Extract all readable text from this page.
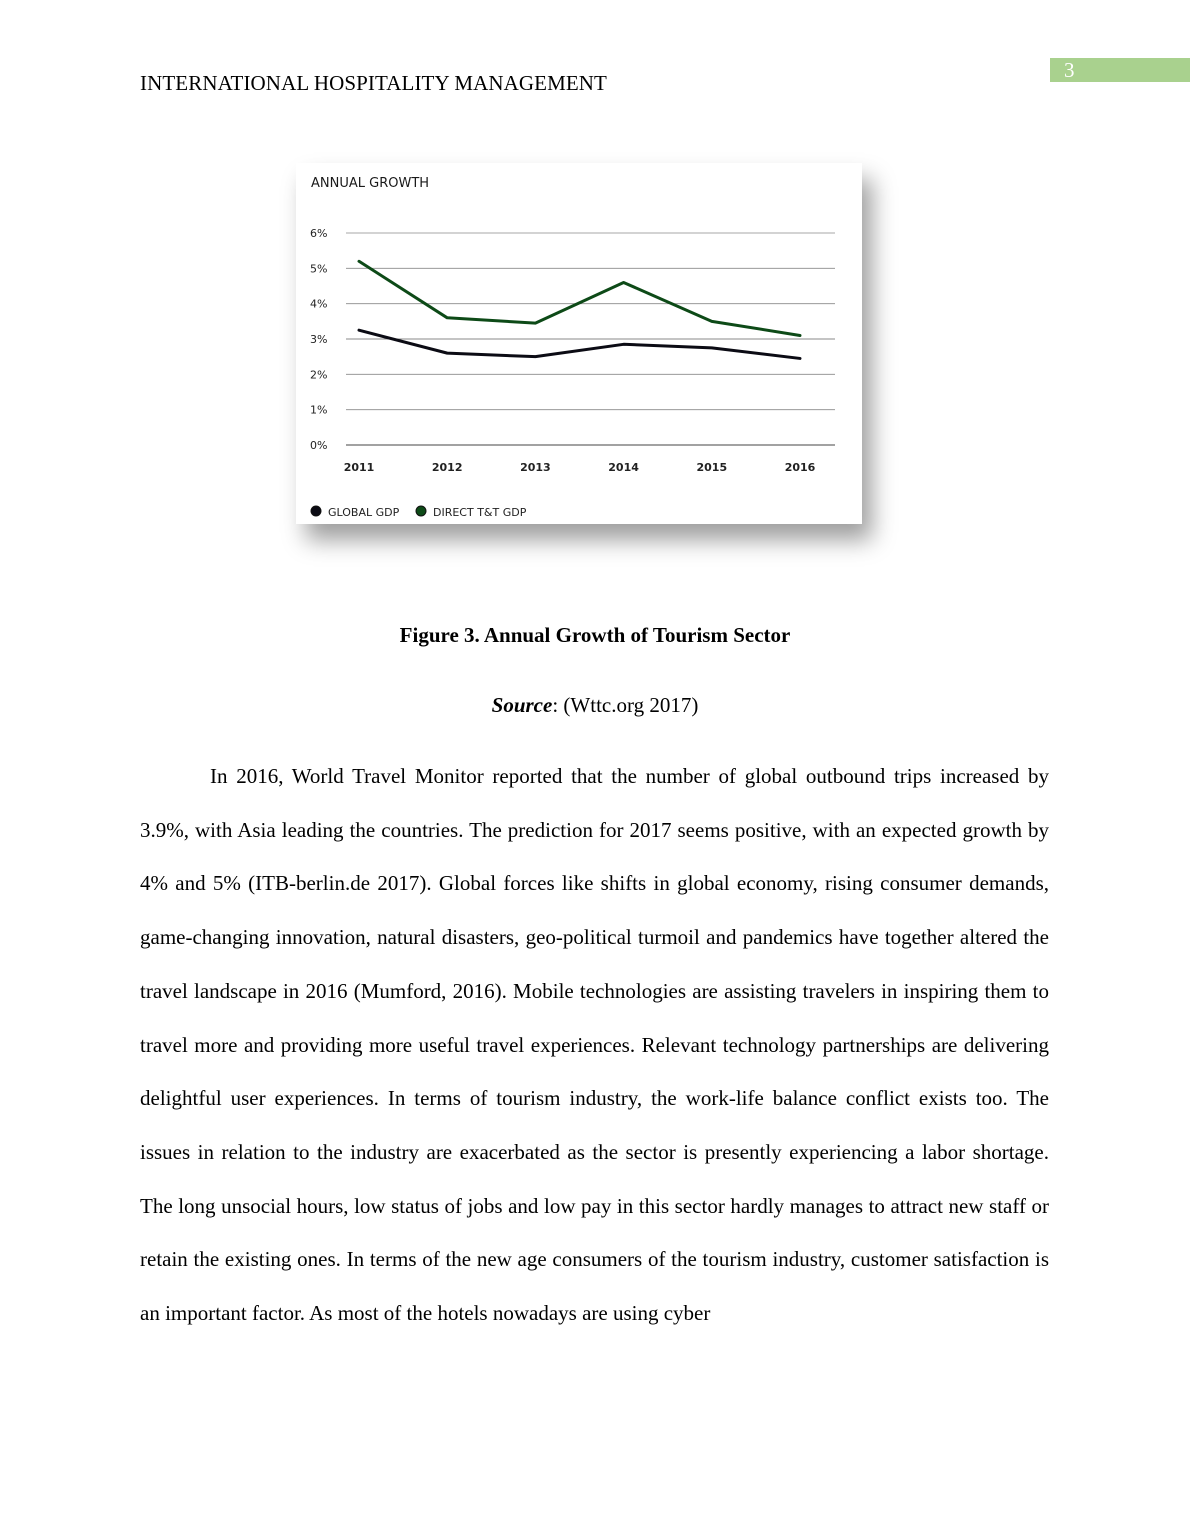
3
INTERNATIONAL HOSPITALITY MANAGEMENT
ANNUAL GROWTH
0%
1%
2%
3%
4%
5%
6%
2011	2012	2013	2014	2015	2016
GLOBAL GDP	DIRECT T&T GDP
Figure 3. Annual Growth of Tourism Sector
Source: (Wttc.org 2017)

In 2016, World Travel Monitor reported that the number of global outbound trips increased by 3.9%, with Asia leading the countries. The prediction for 2017 seems positive, with an expected growth by 4% and 5% (ITB-berlin.de 2017). Global forces like shifts in global economy, rising consumer demands, game-changing innovation, natural disasters, geo-political turmoil and pandemics have together altered the travel landscape in 2016 (Mumford, 2016). Mobile technologies are assisting travelers in inspiring them to travel more and providing more useful travel experiences. Relevant technology partnerships are delivering delightful user experiences. In terms of tourism industry, the work-life balance conflict exists too. The issues in relation to the industry are exacerbated as the sector is presently experiencing a labor shortage. The long unsocial hours, low status of jobs and low pay in this sector hardly manages to attract new staff or retain the existing ones. In terms of the new age consumers of the tourism industry, customer satisfaction is an important factor. As most of the hotels nowadays are using cyber
